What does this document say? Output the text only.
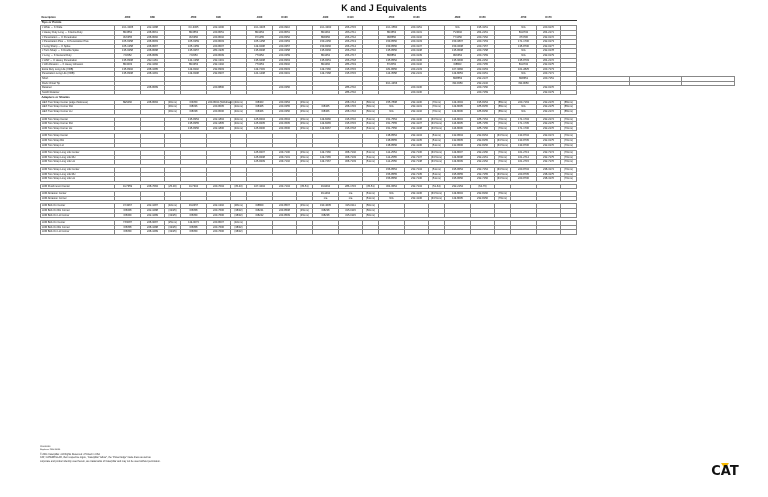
K and J Equivalents
Description	J350	K80		J550	K90		J400	K100		J460	K110		J550	K130		J600	K150		J700	K170				
Tips or Points																								
J Wide ↔ K Wide	1U1-3305	222-1088		6U-3305	222-1000		1U1-3405	220-0910		1U1-3460	206-2715		1U1-3550	220-3151		N/A	195-3151		N/A	220-9170				
J Heavy Duty Long ↔ K Extra Duty	8N4552	228-8061		8N4553	220-8051		8N4452	220-8051		8N4462	206-2711		8N4553	220-3131		7V3602	264-2151		8G0702	264-2171				
J Penetration ↔ K Penetration	3U6355	228-8082		3U6350	220-8002		9Y1455	220-8352		8N8450	206-2712		9N8550	220-3132		7Y1650	220-7152		4T4706	232-0172				
J Penetration Plus ↔ K Penetration Plus	165-6358	228-8083		165-6359	220-8003		165-1458	220-0353		159-2456	206-2713		159-8550	220-3133		159-0807	220-7153		171-1706	232-0173				
J Long Sharp ↔ K Spike	165-1358	228-8087		165-1359	220-8007		119-0408	220-0357		159-8466	206-2714		159-8550	220-3137		159-0608	220-7157		135-8700	232-0177				
J Twin Sharp ↔ K Double Spike	135-9358	228-8088		135-9357	283-1935		135-8408	220-0358		135-8466	206-2716		135-8556	220-3138		135-8608	220-7158		N/A	232-0178				
J Long ↔ K General Duty	7J3352	228-8089		7J3353	220-8009		7T3452	220-0359		8N4452	206-2717		8N8852	220-3139		9N6652	220-7159		N/A	232-0179				
J HSP ↔ K Heavy Penetration	135-8308	232-1181		144-1358	232-1301		135-9408	223-8363		135-8451	206-2718		135-8552	220-3136		135-9606	264-2152		135-8703	264-2172				
J HD Abrasion ↔ K Heavy Abrasion	8N4003	232-1082		8N4353	232-1302		7T3453	223-8302		8N4460	286-2719		8Y2653	220-3132		6I8803	220-7155		8G0702	232-0175				
Extra Duty Long Life (XRB)	135-8302	228-1085		119-9302	232-8303		119-7403	223-8303		119-7466	315-0715		181-8656	223-2133		107-9682	222-0153		161-2825	223-7173				
Penetration Long Life (XRB)	135-8308	228-1081		119-9308	232-8307		124-1408	223-9301		119-7468	315-0715		113-3558	232-2131		119-8653	222-0151		N/A	223-7171				
Short																6N8553	232-2137		6N8651	220-7151				
Rock Chisel Tip													3U1-4456			3W-9350	232-2132		3W-0650					
Retainer		228-8089			220-8800			220-0356			286-2710			220-3130			220-7150			232-0170				
SLHD Retainer											286-2710			220-3130			220-7159			232-0179				
Adapters or Shanks																								
HEX Two Strap Center (edge thickness)	8E5460	228-8084	(30mm)	6I6359	220-8004 (Withdrawn)	(40mm)	6I8403	220-0354	(45mm)		208-1714	(50mm)	155-7808	232-4130	(70mm)	119-3604	195-8154	(85mm)	220-7163	232-2176	(85mm)			
HEX Two Strap Corner RH			(30mm)	6I8336	220-8005	(40mm)	6I8405	220-0355	(45mm)	6I8465	208-1715	(50mm)	N/A	232-4131	(70mm)	119-8605	185-8155	(85mm)	N/A	232-2175	(85mm)			
HEX Two Strap Corner LH			(30mm)	6I8338	220-8006	(40mm)	6I8406	220-0356	(45mm)	6I8466	208-1716	(50mm)	N/A	232-4132	(70mm)	119-8606	185-8156	(85mm)	N/A	232-2172	(85mm)			

LDR Two Strap Center				135-8354	222-1804	(40mm)	125-8404	223-0504	(45mm)	119-8466	315-0716	(51mm)	151-7554	232-4136	(63.5mm)	116-8604	185-7154	(70mm)	171-1704	232-2174	(70mm)			
LDR Two Strap Corner RH				135-8355	222-1805	(40mm)	125-8405	223-0505	(45mm)	119-8465	315-0715	(51mm)	151-7555	232-4137	(63.5mm)	116-8605	185-7155	(70mm)	171-1705	232-2175	(70mm)			
LDR Two Strap Corner LH				135-8356	222-1806	(40mm)	125-8406	223-0506	(45mm)	119-8467	315-0718	(51mm)	151-7556	232-4138	(63.5mm)	116-8606	185-7156	(70mm)	171-1706	232-2176	(70mm)			

LDR Two Strap Center													138-8554	232-4134	(51mm)	132-8604	232-8154	(63.5mm)	133-8704	232-0174	(70mm)			
LDR Two Strap RH													138-8555	232-4135	(51mm)	132-8605	232-8155	(63.5mm)	133-8705	232-0175	(70mm)			
LDR Two Strap LH													138-8556	232-4136	(51mm)	132-8606	232-8156	(63.5mm)	133-8706	232-0176	(70mm)			

LDR Two Strap Long Life Center							125-8407	229-7100	(45mm)	119-7466	308-7102	(51mm)	112-2554	232-7136	(63.5mm)	119-8607	232-2150	(70mm)	161-2713	232-7174	(70mm)			
LDR Two Strap Long Life RH							125-8408	229-7101	(45mm)	119-7465	308-7103	(51mm)	112-2555	232-7137	(63.5mm)	119-8608	232-2151	(70mm)	161-2714	232-7175	(70mm)			
LDR Two Strap Long Life LH							125-8409	229-7102	(45mm)	119-7467	308-7103	(51mm)	112-2556	232-7138	(63.5mm)	119-8609	232-2152	(70mm)	161-2715	232-7176	(70mm)			

LDR Two Strap Long Life Center													156-8554	232-7134	(51mm)	195-8654	232-7154	(63.5mm)	220-8704	238-3174	(70mm)			
LDR Two Strap Long Life RH													156-8555	232-7135	(51mm)	195-8655	232-7155	(63.5mm)	220-8705	238-3175	(70mm)			
LDR Two Strap Long Life LH													156-8556	232-7136	(51mm)	195-8656	232-7156	(63.5mm)	220-8706	238-3176	(70mm)			

LDR Flushmount Center	1U7359	228-7084	(25-30)	1U7304	220-7004	(35-40)	107-3404	223-7104	(35-51)	3G9464	286-1715	(35-51)	304-9554	232-7134	(51-64)	232-2154	(64-76)							

LDR Abrasion Center										3G1464	n/a	(51mm)	N/A	232-4136	(63.5mm)	119-8604	232-8160	(76mm)						
LDR Abrasion Corner										n/a	n/a	(51mm)	N/A	232-4136	(63.5mm)	119-8605	232-8150	(76mm)						

LDR Bolt-On Center	4Y4367	222-1087	(32mm)	3G0357	222-1302	(38mm)	6I8809	223-8507	(45mm)	193-4605	315-0111	(50mm)												
LDR Bolt-On RH Corner	6I5368	222-1088	(32/25)	6I5358	220-7606	(38/32)	6I8241	223-8508	(45mm)	6I8238	315-0115	(50mm)												
LDR Bolt-On LH Corner	6I5369	222-1089	(32/25)	6I5359	220-7606	(38/32)	6I8242	223-8509	(45mm)	6I8238	315-0115	(50mm)												

LDR Bolt-On Center	7X6087	228-9087	(25mm)	119-0073	220-8007	(32mm)																		
LDR Bolt-On RH Corner	6I5358	228-1088	(32/25)	6I5358	220-7606	(38/32)																		
LDR Bolt-On LH Corner	6I5359	228-1089	(32/25)	6I5359	220-7606	(38/32)																		
PEHJ0086
Replaces PEHJ0086
© 2011 Caterpillar • All Rights Reserved • Printed in USA
CAT, CATERPILLAR, their respective logos, “Caterpillar Yellow”, the “Power Edge” trade dress as well as
corporate and product identity used herein, are trademarks of Caterpillar and may not be used without permission.
CAT
